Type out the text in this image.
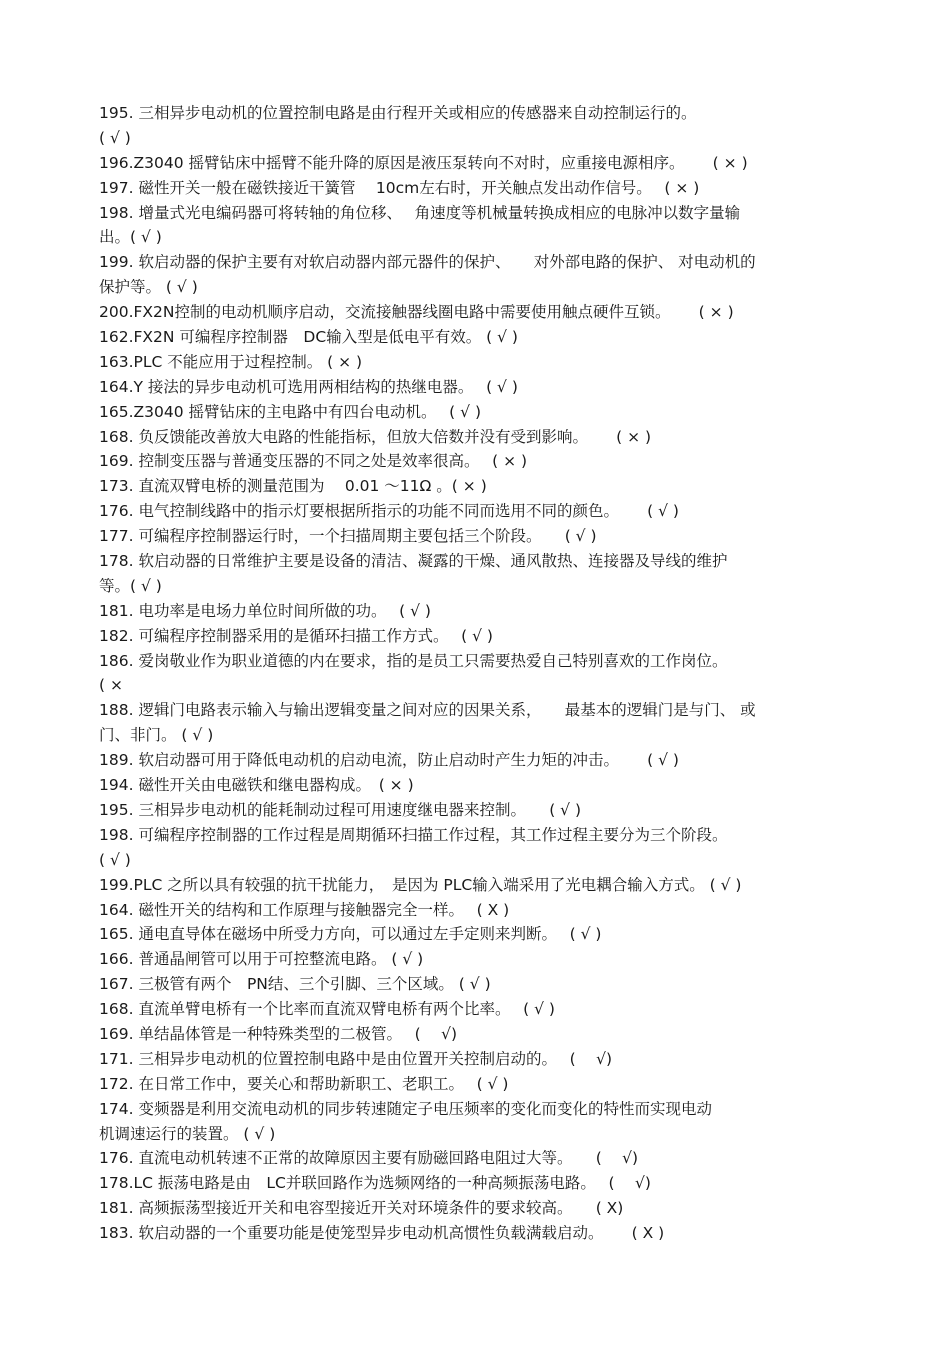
195. 三相异步电动机的位置控制电路是由行程开关或相应的传感器来自动控制运行的。
( √ )
196.Z3040 摇臂钻床中摇臂不能升降的原因是液压泵转向不对时，应重接电源相序。　　 ( × )
197. 磁性开关一般在磁铁接近干簧管　 10cm左右时，开关触点发出动作信号。　 ( × )
198. 增量式光电编码器可将转轴的角位移、　 角速度等机械量转换成相应的电脉冲以数字量输
出。( √ )
199. 软启动器的保护主要有对软启动器内部元器件的保护、　　对外部电路的保护、 对电动机的
保护等。 ( √ )
200.FX2N控制的电动机顺序启动，交流接触器线圈电路中需要使用触点硬件互锁。　　 ( × )
162.FX2N 可编程序控制器　DC输入型是低电平有效。 ( √ )
163.PLC 不能应用于过程控制。 ( × )
164.Y 接法的异步电动机可选用两相结构的热继电器。　 ( √ )
165.Z3040 摇臂钻床的主电路中有四台电动机。　 ( √ )
168. 负反馈能改善放大电路的性能指标，但放大倍数并没有受到影响。　　 ( × )
169. 控制变压器与普通变压器的不同之处是效率很高。　 ( × )
173. 直流双臂电桥的测量范围为　 0.01 ～11Ω 。( × )
176. 电气控制线路中的指示灯要根据所指示的功能不同而选用不同的颜色。　　 ( √ )
177. 可编程序控制器运行时，一个扫描周期主要包括三个阶段。　　( √ )
178. 软启动器的日常维护主要是设备的清洁、凝露的干燥、通风散热、连接器及导线的维护
等。( √ )
181. 电功率是电场力单位时间所做的功。　 ( √ )
182. 可编程序控制器采用的是循环扫描工作方式。　 ( √ )
186. 爱岗敬业作为职业道德的内在要求，指的是员工只需要热爱自己特别喜欢的工作岗位。
( ×
188. 逻辑门电路表示输入与输出逻辑变量之间对应的因果关系，　　最基本的逻辑门是与门、 或
门、非门。 ( √ )
189. 软启动器可用于降低电动机的启动电流，防止启动时产生力矩的冲击。　　 ( √ )
194. 磁性开关由电磁铁和继电器构成。　( × )
195. 三相异步电动机的能耗制动过程可用速度继电器来控制。　　( √ )
198. 可编程序控制器的工作过程是周期循环扫描工作过程，其工作过程主要分为三个阶段。
( √ )
199.PLC 之所以具有较强的抗干扰能力，　是因为 PLC输入端采用了光电耦合输入方式。 ( √ )
164. 磁性开关的结构和工作原理与接触器完全一样。　 ( X )
165. 通电直导体在磁场中所受力方向，可以通过左手定则来判断。　 ( √ )
166. 普通晶闸管可以用于可控整流电路。 ( √ )
167. 三极管有两个　PN结、三个引脚、三个区域。 ( √ )
168. 直流单臂电桥有一个比率而直流双臂电桥有两个比率。　 ( √ )
169. 单结晶体管是一种特殊类型的二极管。　 (　 √)
171. 三相异步电动机的位置控制电路中是由位置开关控制启动的。　 (　 √)
172. 在日常工作中，要关心和帮助新职工、老职工。　 ( √ )
174. 变频器是利用交流电动机的同步转速随定子电压频率的变化而变化的特性而实现电动
机调速运行的装置。 ( √ )
176. 直流电动机转速不正常的故障原因主要有励磁回路电阻过大等。　　(　 √)
178.LC 振荡电路是由　LC并联回路作为选频网络的一种高频振荡电路。　 (　 √)
181. 高频振荡型接近开关和电容型接近开关对环境条件的要求较高。　　( X)
183. 软启动器的一个重要功能是使笼型异步电动机高惯性负载满载启动。　　 ( X )
